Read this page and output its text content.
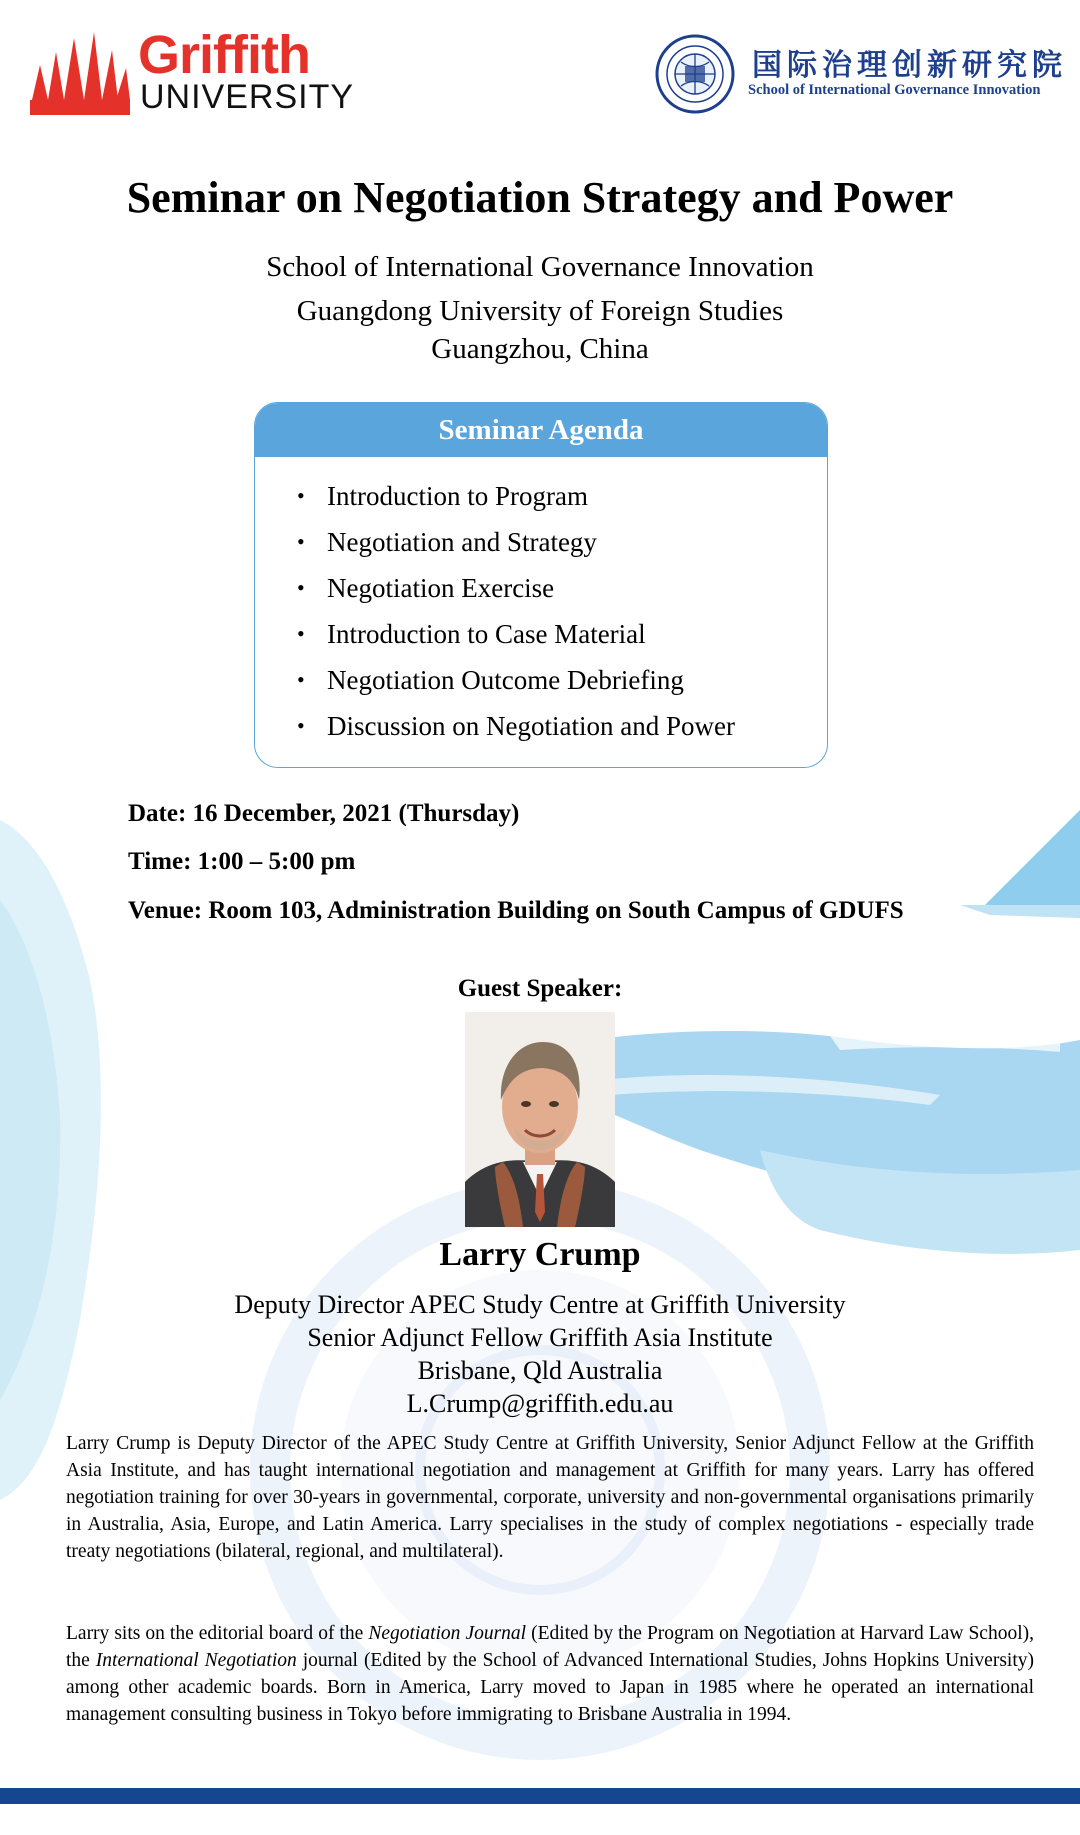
Griffith
UNIVERSITY
国际治理创新研究院
School of International Governance Innovation
Seminar on Negotiation Strategy and Power
School of International Governance Innovation
Guangdong University of Foreign Studies
Guangzhou, China
Seminar Agenda
• Introduction to Program
• Negotiation and Strategy
• Negotiation Exercise
• Introduction to Case Material
• Negotiation Outcome Debriefing
• Discussion on Negotiation and Power
Date: 16 December, 2021 (Thursday)
Time: 1:00 – 5:00 pm
Venue: Room 103, Administration Building on South Campus of GDUFS
Guest Speaker:
Larry Crump
Deputy Director APEC Study Centre at Griffith University
Senior Adjunct Fellow Griffith Asia Institute
Brisbane, Qld Australia
L.Crump@griffith.edu.au
Larry Crump is Deputy Director of the APEC Study Centre at Griffith University, Senior Adjunct Fellow at the Griffith Asia Institute, and has taught international negotiation and management at Griffith for many years. Larry has offered negotiation training for over 30-years in governmental, corporate, university and non-governmental organisations primarily in Australia, Asia, Europe, and Latin America. Larry specialises in the study of complex negotiations - especially trade treaty negotiations (bilateral, regional, and multilateral).
Larry sits on the editorial board of the Negotiation Journal (Edited by the Program on Negotiation at Harvard Law School), the International Negotiation journal (Edited by the School of Advanced International Studies, Johns Hopkins University) among other academic boards. Born in America, Larry moved to Japan in 1985 where he operated an international management consulting business in Tokyo before immigrating to Brisbane Australia in 1994.
